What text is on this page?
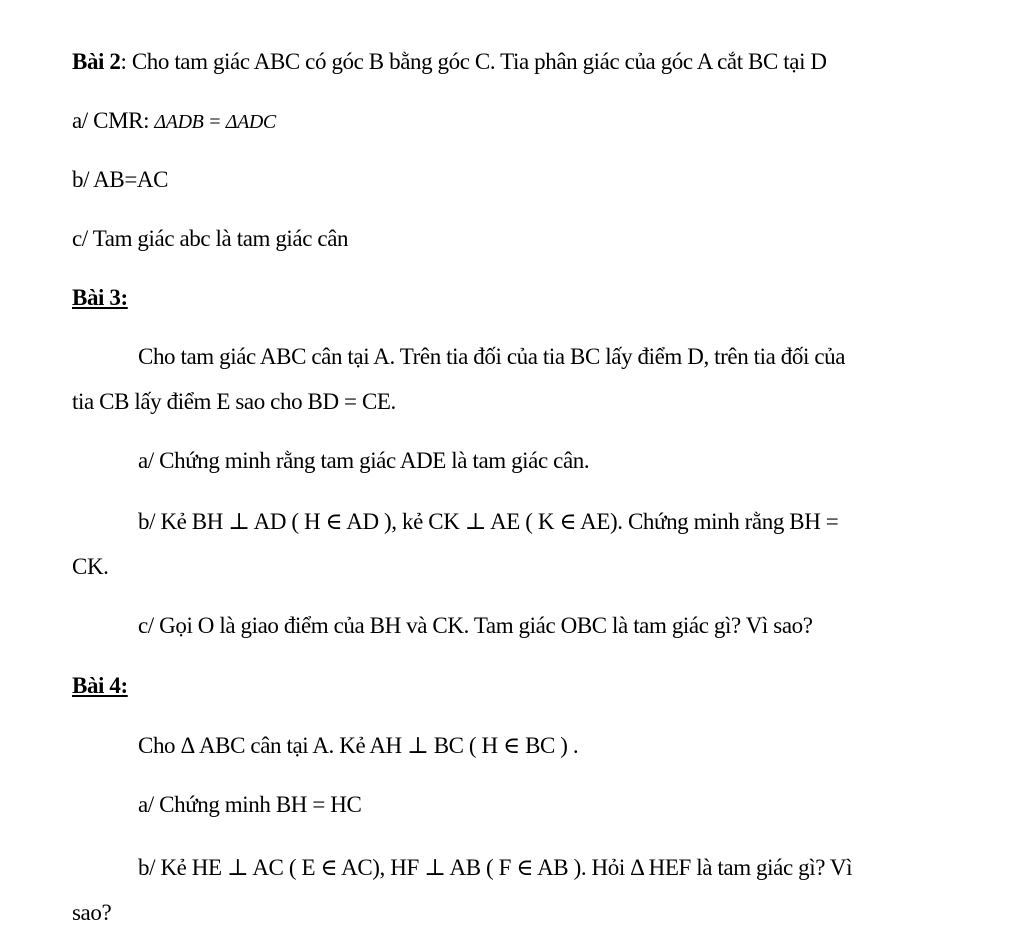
Bài 2: Cho tam giác ABC có góc B bằng góc C. Tia phân giác của góc A cắt BC tại D
a/ CMR: ΔADB = ΔADC
b/ AB=AC
c/ Tam giác abc là tam giác cân
Bài 3:
Cho tam giác ABC cân tại A. Trên tia đối của tia BC lấy điểm D, trên tia đối của
tia CB lấy điểm E sao cho BD = CE.
a/ Chứng minh rằng tam giác ADE là tam giác cân.
b/ Kẻ BH ⊥ AD ( H ∈ AD ), kẻ CK ⊥ AE ( K ∈ AE). Chứng minh rằng BH =
CK.
c/ Gọi O là giao điểm của BH và CK. Tam giác OBC là tam giác gì? Vì sao?
Bài 4:
Cho Δ ABC cân tại A. Kẻ AH ⊥ BC ( H ∈ BC ) .
a/ Chứng minh BH = HC
b/ Kẻ HE ⊥ AC ( E ∈ AC), HF ⊥ AB ( F ∈ AB ). Hỏi Δ HEF là tam giác gì? Vì
sao?
